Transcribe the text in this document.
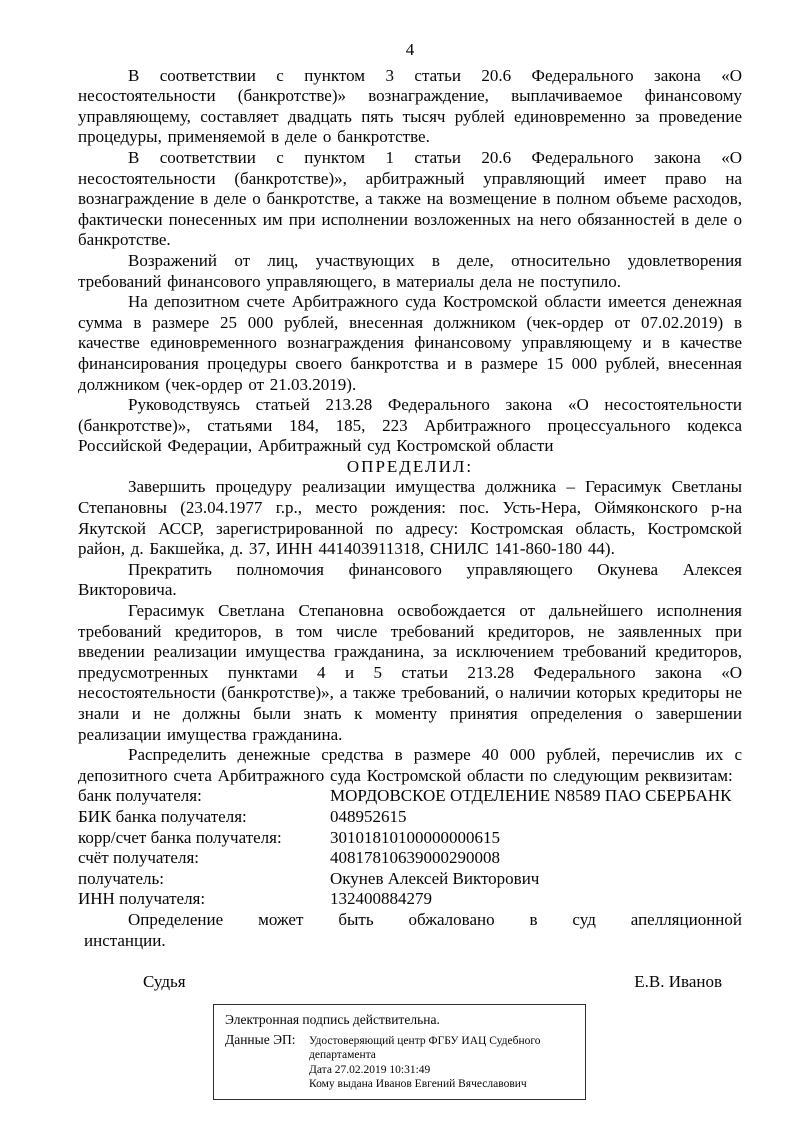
4

В соответствии с пунктом 3 статьи 20.6 Федерального закона «О несостоятельности (банкротстве)» вознаграждение, выплачиваемое финансовому управляющему, составляет двадцать пять тысяч рублей единовременно за проведение процедуры, применяемой в деле о банкротстве.

В соответствии с пунктом 1 статьи 20.6 Федерального закона «О несостоятельности (банкротстве)», арбитражный управляющий имеет право на вознаграждение в деле о банкротстве, а также на возмещение в полном объеме расходов, фактически понесенных им при исполнении возложенных на него обязанностей в деле о банкротстве.

Возражений от лиц, участвующих в деле, относительно удовлетворения требований финансового управляющего, в материалы дела не поступило.

На депозитном счете Арбитражного суда Костромской области имеется денежная сумма в размере 25 000 рублей, внесенная должником (чек-ордер от 07.02.2019) в качестве единовременного вознаграждения финансовому управляющему и в качестве финансирования процедуры своего банкротства и в размере 15 000 рублей, внесенная должником (чек-ордер от 21.03.2019).

Руководствуясь статьей 213.28 Федерального закона «О несостоятельности (банкротстве)», статьями 184, 185, 223 Арбитражного процессуального кодекса Российской Федерации, Арбитражный суд Костромской области

ОПРЕДЕЛИЛ:

Завершить процедуру реализации имущества должника – Герасимук Светланы Степановны (23.04.1977 г.р., место рождения: пос. Усть-Нера, Оймяконского р-на Якутской АССР, зарегистрированной по адресу: Костромская область, Костромской район, д. Бакшейка, д. 37, ИНН 441403911318, СНИЛС 141-860-180 44).

Прекратить полномочия финансового управляющего Окунева Алексея

Викторовича.

Герасимук Светлана Степановна освобождается от дальнейшего исполнения требований кредиторов, в том числе требований кредиторов, не заявленных при введении реализации имущества гражданина, за исключением требований кредиторов, предусмотренных пунктами 4 и 5 статьи 213.28 Федерального закона «О несостоятельности (банкротстве)», а также требований, о наличии которых кредиторы не знали и не должны были знать к моменту принятия определения о завершении реализации имущества гражданина.

Распределить денежные средства в размере 40 000 рублей, перечислив их с депозитного счета Арбитражного суда Костромской области по следующим реквизитам:

банк получателя:	МОРДОВСКОЕ ОТДЕЛЕНИЕ N8589 ПАО СБЕРБАНК
БИК банка получателя:	048952615
корр/счет банка получателя:	30101810100000000615
счёт получателя:	40817810639000290008
получатель:	Окунев Алексей Викторович
ИНН получателя:	132400884279

Определение может быть обжаловано в суд апелляционной

инстанции.

Судья	Е.В. Иванов
Электронная подпись действительна.
Данные ЭП:	Удостоверяющий центр ФГБУ ИАЦ Судебного
департамента
Дата 27.02.2019 10:31:49
Кому выдана Иванов Евгений Вячеславович
